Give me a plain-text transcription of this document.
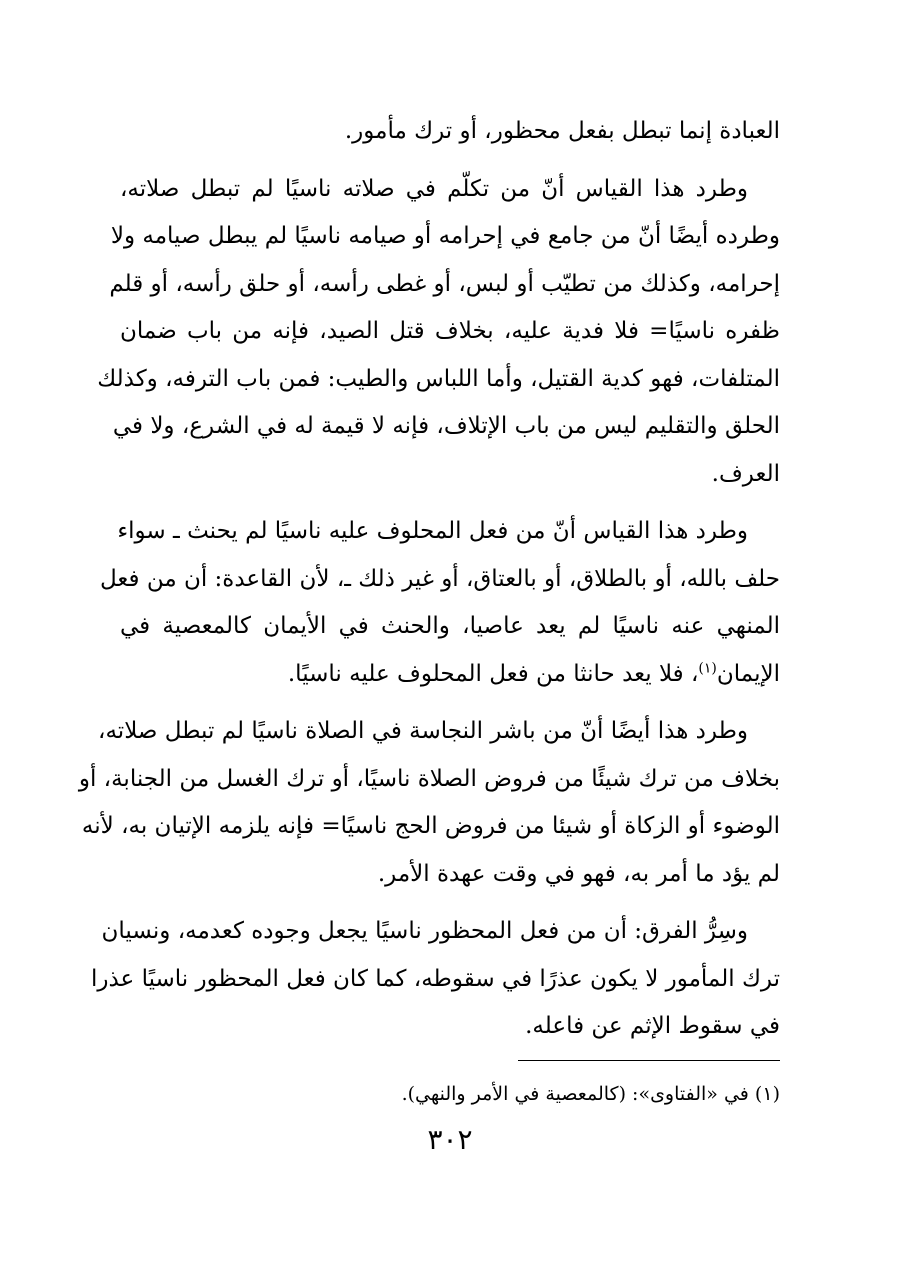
العبادة إنما تبطل بفعل محظور، أو ترك مأمور.

وطرد هذا القياس أنّ من تكلّم في صلاته ناسيًا لم تبطل صلاته،
وطرده أيضًا أنّ من جامع في إحرامه أو صيامه ناسيًا لم يبطل صيامه ولا
إحرامه، وكذلك من تطيّب أو لبس، أو غطى رأسه، أو حلق رأسه، أو قلم
ظفره ناسيًا= فلا فدية عليه، بخلاف قتل الصيد، فإنه من باب ضمان
المتلفات، فهو كدية القتيل، وأما اللباس والطيب: فمن باب الترفه، وكذلك
الحلق والتقليم ليس من باب الإتلاف، فإنه لا قيمة له في الشرع، ولا في
العرف.

وطرد هذا القياس أنّ من فعل المحلوف عليه ناسيًا لم يحنث ـ سواء
حلف بالله، أو بالطلاق، أو بالعتاق، أو غير ذلك ـ، لأن القاعدة: أن من فعل
المنهي عنه ناسيًا لم يعد عاصيا، والحنث في الأيمان كالمعصية في
الإيمان$^{(١)}$، فلا يعد حانثا من فعل المحلوف عليه ناسيًا.

وطرد هذا أيضًا أنّ من باشر النجاسة في الصلاة ناسيًا لم تبطل صلاته،
بخلاف من ترك شيئًا من فروض الصلاة ناسيًا، أو ترك الغسل من الجنابة، أو
الوضوء أو الزكاة أو شيئا من فروض الحج ناسيًا= فإنه يلزمه الإتيان به، لأنه
لم يؤد ما أمر به، فهو في وقت عهدة الأمر.

وسِرُّ الفرق: أن من فعل المحظور ناسيًا يجعل وجوده كعدمه، ونسيان
ترك المأمور لا يكون عذرًا في سقوطه، كما كان فعل المحظور ناسيًا عذرا
في سقوط الإثم عن فاعله.

(١) في «الفتاوى»: (كالمعصية في الأمر والنهي).
٣٠٢
